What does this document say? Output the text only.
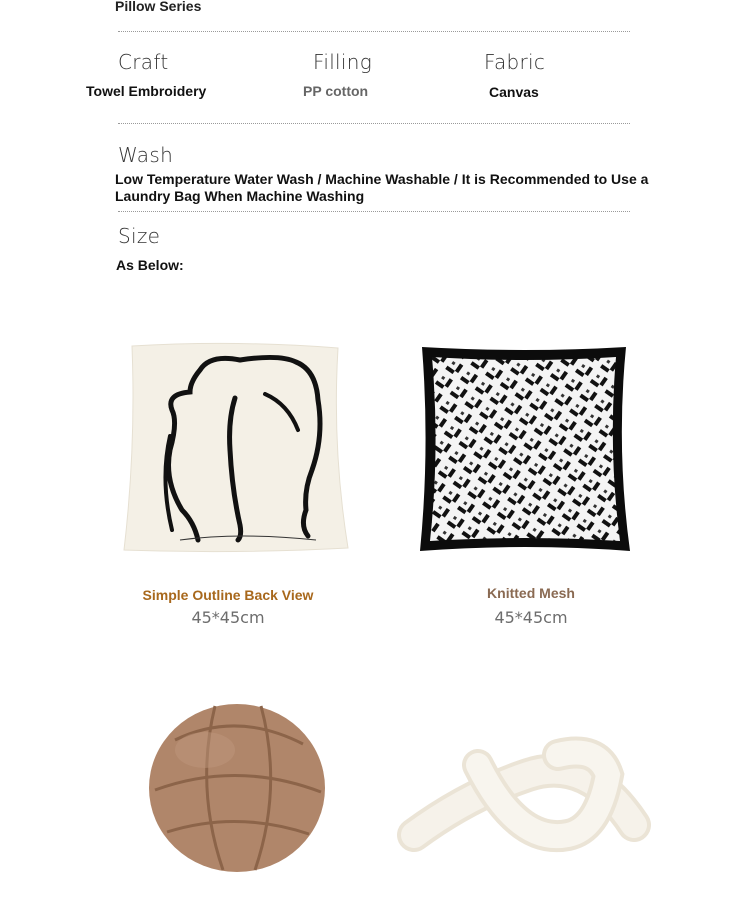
Pillow Series
Craft	Filling	Fabric
Towel Embroidery	PP cotton	Canvas
Wash
Low Temperature Water Wash / Machine Washable / It is Recommended to Use a Laundry Bag When Machine Washing
Size
As Below:
Simple Outline Back View
45*45cm
Knitted Mesh
45*45cm
